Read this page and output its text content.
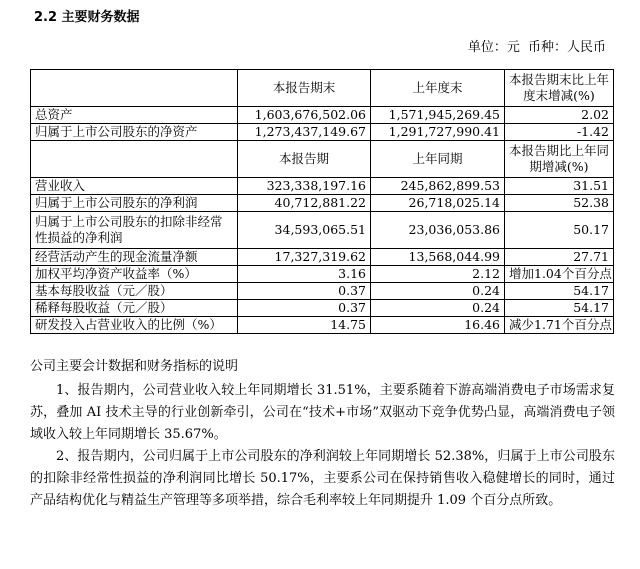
2.2 主要财务数据
单位：元 币种：人民币
	本报告期末	上年度末	本报告期末比上年度末增减(%)
总资产	1,603,676,502.06	1,571,945,269.45	2.02
归属于上市公司股东的净资产	1,273,437,149.67	1,291,727,990.41	-1.42
	本报告期	上年同期	本报告期比上年同期增减(%)
营业收入	323,338,197.16	245,862,899.53	31.51
归属于上市公司股东的净利润	40,712,881.22	26,718,025.14	52.38
归属于上市公司股东的扣除非经常性损益的净利润	34,593,065.51	23,036,053.86	50.17
经营活动产生的现金流量净额	17,327,319.62	13,568,044.99	27.71
加权平均净资产收益率（%）	3.16	2.12	增加1.04个百分点
基本每股收益（元／股）	0.37	0.24	54.17
稀释每股收益（元／股）	0.37	0.24	54.17
研发投入占营业收入的比例（%）	14.75	16.46	减少1.71个百分点

公司主要会计数据和财务指标的说明

1、报告期内，公司营业收入较上年同期增长 31.51%，主要系随着下游高端消费电子市场需求复苏，叠加 AI 技术主导的行业创新牵引，公司在“技术+市场”双驱动下竞争优势凸显，高端消费电子领域收入较上年同期增长 35.67%。

2、报告期内，公司归属于上市公司股东的净利润较上年同期增长 52.38%，归属于上市公司股东的扣除非经常性损益的净利润同比增长 50.17%，主要系公司在保持销售收入稳健增长的同时，通过产品结构优化与精益生产管理等多项举措，综合毛利率较上年同期提升 1.09 个百分点所致。
